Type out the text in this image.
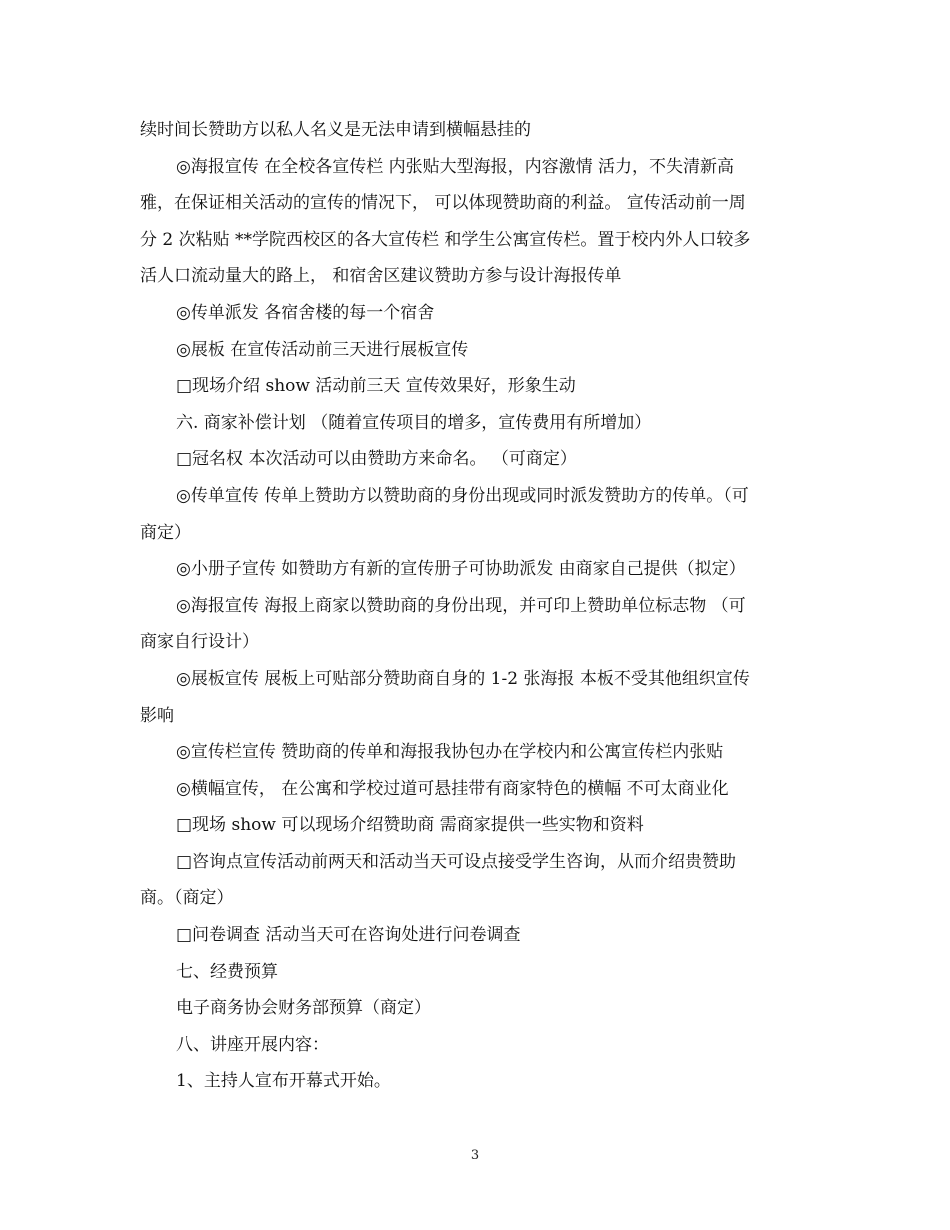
续时间长赞助方以私人名义是无法申请到横幅悬挂的
◎海报宣传 在全校各宣传栏 内张贴大型海报，内容激情 活力，不失清新高
雅，在保证相关活动的宣传的情况下， 可以体现赞助商的利益。 宣传活动前一周
分 2 次粘贴 **学院西校区的各大宣传栏 和学生公寓宣传栏。置于校内外人口较多
活人口流动量大的路上， 和宿舍区建议赞助方参与设计海报传单
◎传单派发 各宿舍楼的每一个宿舍
◎展板 在宣传活动前三天进行展板宣传
□现场介绍 show 活动前三天 宣传效果好，形象生动
六. 商家补偿计划 （随着宣传项目的增多，宣传费用有所增加）
□冠名权 本次活动可以由赞助方来命名。 （可商定）
◎传单宣传 传单上赞助方以赞助商的身份出现或同时派发赞助方的传单。（可
商定）
◎小册子宣传 如赞助方有新的宣传册子可协助派发 由商家自己提供（拟定）
◎海报宣传 海报上商家以赞助商的身份出现，并可印上赞助单位标志物 （可
商家自行设计）
◎展板宣传 展板上可贴部分赞助商自身的 1-2 张海报 本板不受其他组织宣传
影响
◎宣传栏宣传 赞助商的传单和海报我协包办在学校内和公寓宣传栏内张贴
◎横幅宣传， 在公寓和学校过道可悬挂带有商家特色的横幅 不可太商业化
□现场 show 可以现场介绍赞助商 需商家提供一些实物和资料
□咨询点宣传活动前两天和活动当天可设点接受学生咨询，从而介绍贵赞助
商。（商定）
□问卷调查 活动当天可在咨询处进行问卷调查
七、经费预算
电子商务协会财务部预算（商定）
八、讲座开展内容：
1、主持人宣布开幕式开始。
3
